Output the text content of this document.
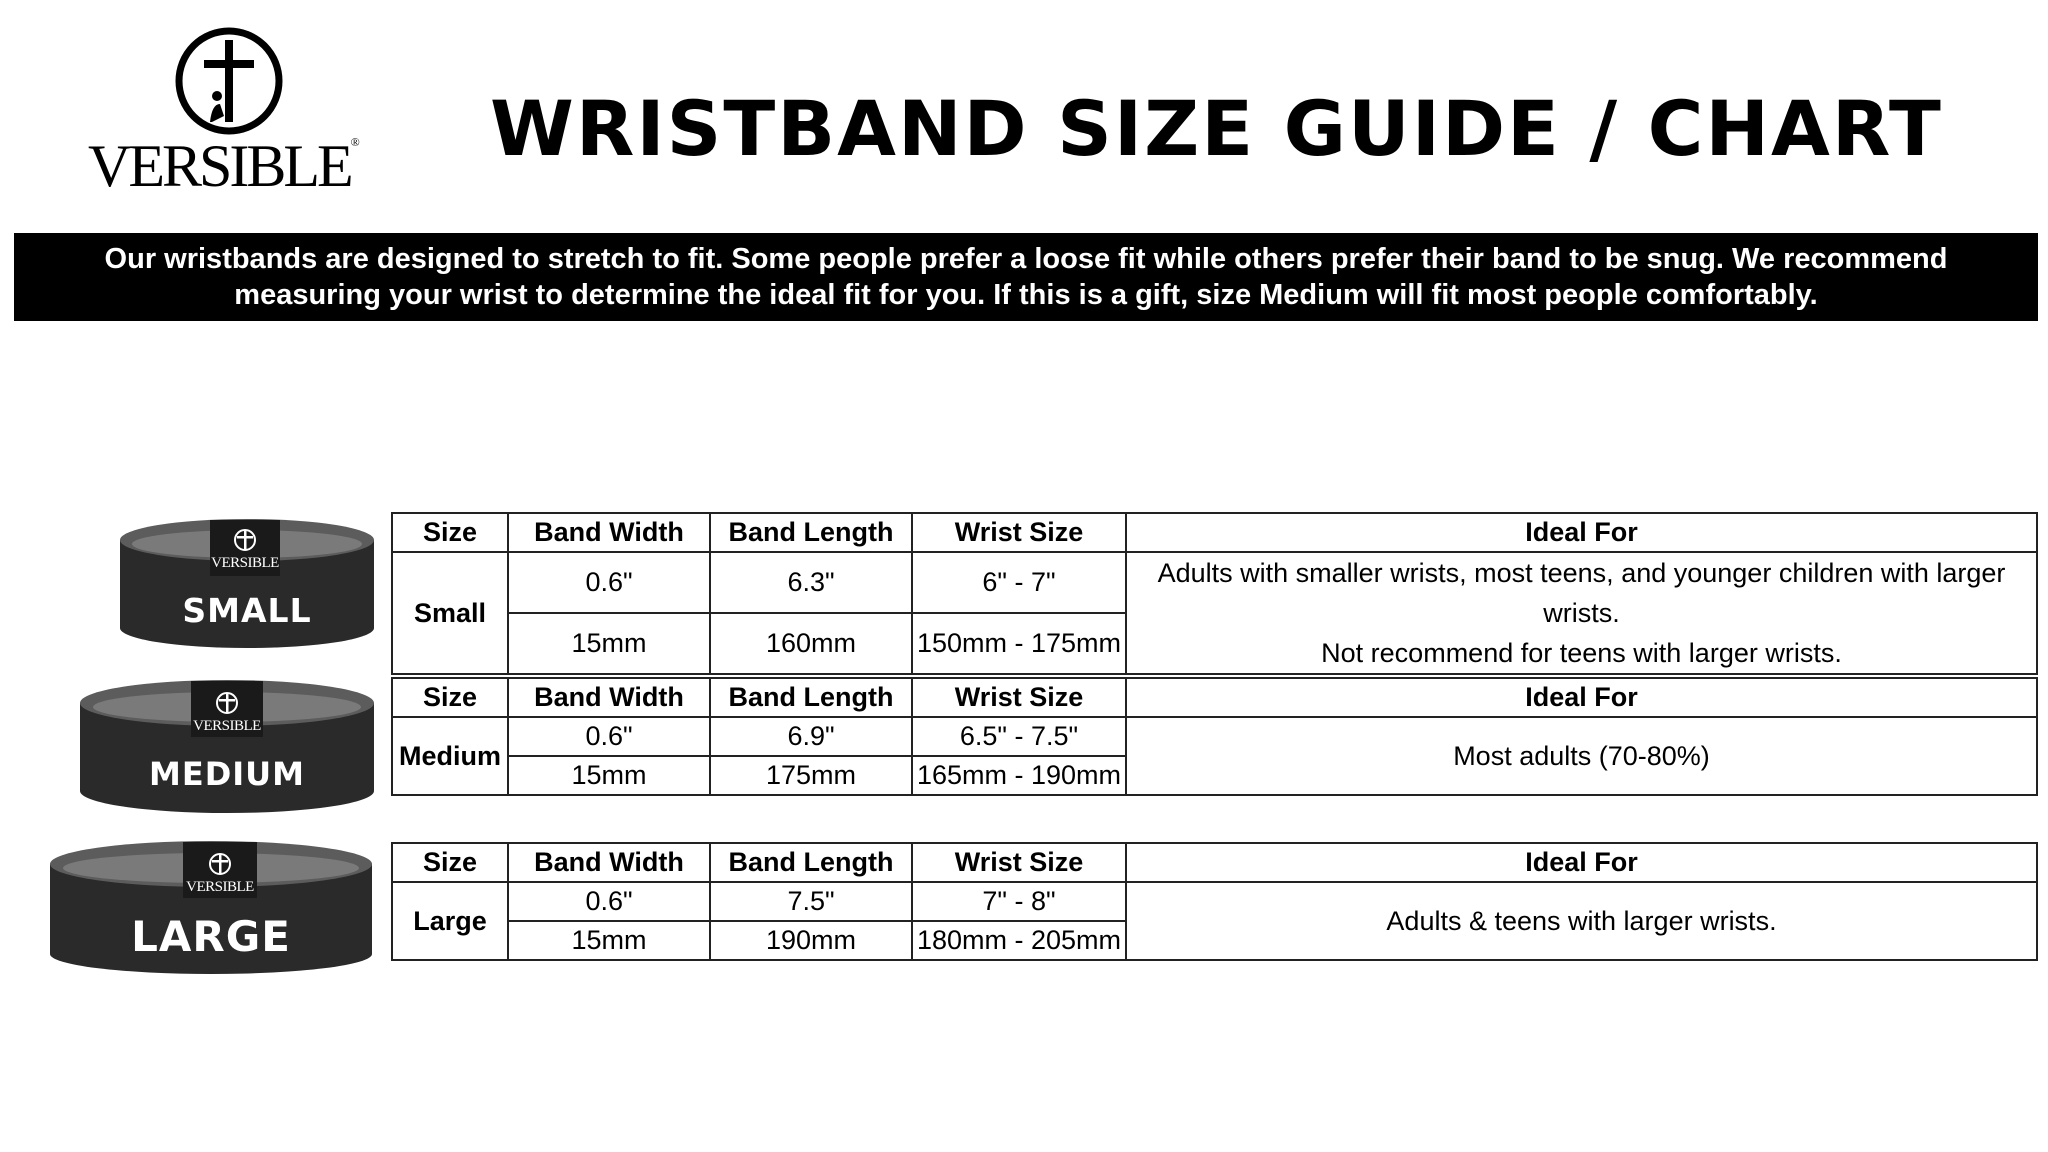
VERSIBLE®	WRISTBAND SIZE GUIDE / CHART

Our wristbands are designed to stretch to fit. Some people prefer a loose fit while others prefer their band to be snug. We recommend measuring your wrist to determine the ideal fit for you. If this is a gift, size Medium will fit most people comfortably.

VERSIBLE
SMALL
VERSIBLE
MEDIUM
VERSIBLE
LARGE
Size	Band Width	Band Length	Wrist Size	Ideal For
Small	0.6"	6.3"	6" - 7"	Adults with smaller wrists, most teens, and younger children with larger wrists.
Not recommend for teens with larger wrists.

	15mm	160mm	150mm - 175mm	
Size	Band Width	Band Length	Wrist Size	Ideal For
Medium	0.6"	6.9"	6.5" - 7.5"	Most adults (70-80%)
	15mm	175mm	165mm - 190mm	
Size	Band Width	Band Length	Wrist Size	Ideal For
Large	0.6"	7.5"	7" - 8"	Adults & teens with larger wrists.
	15mm	190mm	180mm - 205mm	
